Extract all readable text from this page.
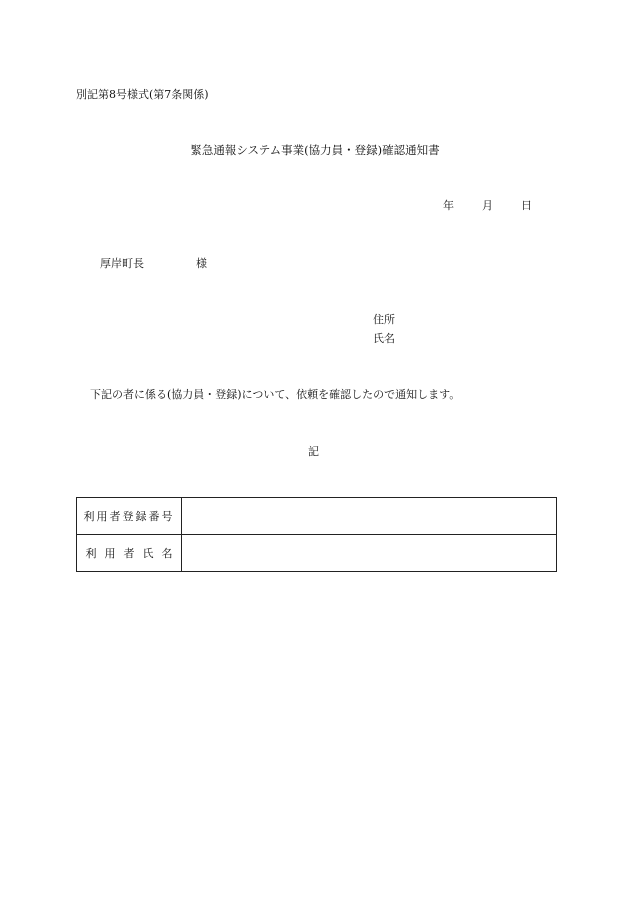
別記第8号様式(第7条関係)
緊急通報システム事業(協力員・登録)確認通知書
年	月	日
厚岸町長	様
住所
氏名
下記の者に係る(協力員・登録)について、依頼を確認したので通知します。
記
利用者登録番号	
利用者氏名	
